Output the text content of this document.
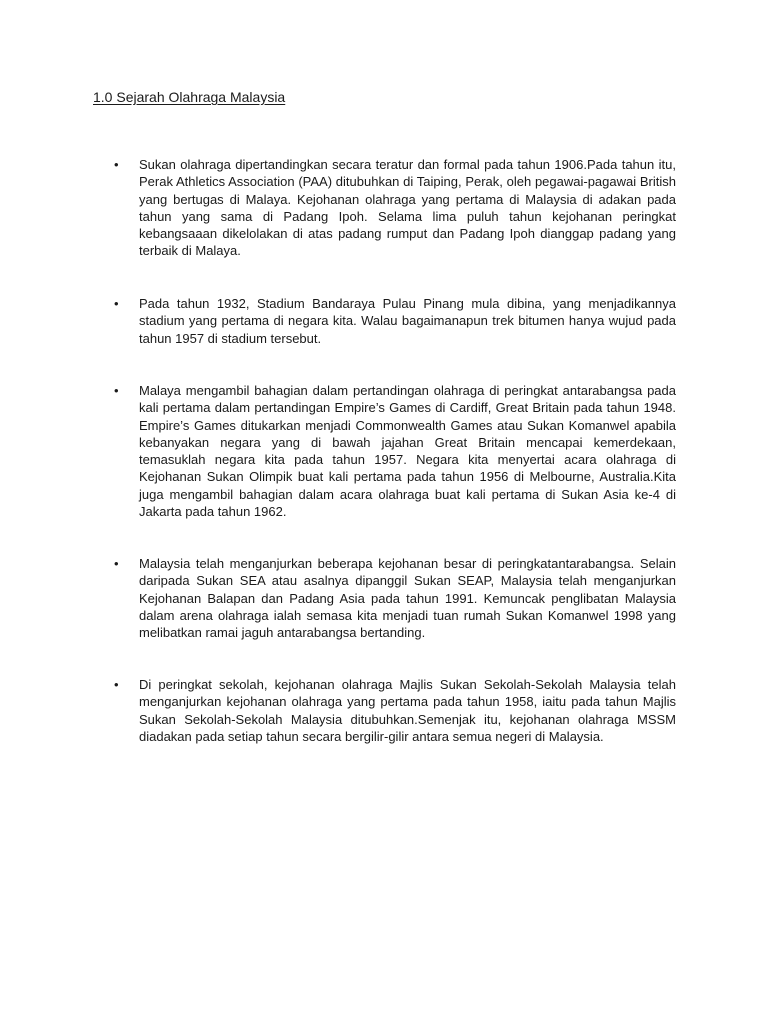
1.0 Sejarah Olahraga Malaysia
• Sukan olahraga dipertandingkan secara teratur dan formal pada tahun 1906.Pada tahun itu, Perak Athletics Association (PAA) ditubuhkan di Taiping, Perak, oleh pegawai-pagawai British yang bertugas di Malaya. Kejohanan olahraga yang pertama di Malaysia di adakan pada tahun yang sama di Padang Ipoh. Selama lima puluh tahun kejohanan peringkat kebangsaaan dikelolakan di atas padang rumput dan Padang Ipoh dianggap padang yang terbaik di Malaya.

• Pada tahun 1932, Stadium Bandaraya Pulau Pinang mula dibina, yang menjadikannya stadium yang pertama di negara kita. Walau bagaimanapun trek bitumen hanya wujud pada tahun 1957 di stadium tersebut.

• Malaya mengambil bahagian dalam pertandingan olahraga di peringkat antarabangsa pada kali pertama dalam pertandingan Empire’s Games di Cardiff, Great Britain pada tahun 1948. Empire’s Games ditukarkan menjadi Commonwealth Games atau Sukan Komanwel apabila kebanyakan negara yang di bawah jajahan Great Britain mencapai kemerdekaan, temasuklah negara kita pada tahun 1957. Negara kita menyertai acara olahraga di Kejohanan Sukan Olimpik buat kali pertama pada tahun 1956 di Melbourne, Australia.Kita juga mengambil bahagian dalam acara olahraga buat kali pertama di Sukan Asia ke-4 di Jakarta pada tahun 1962.

• Malaysia telah menganjurkan beberapa kejohanan besar di peringkatantarabangsa. Selain daripada Sukan SEA atau asalnya dipanggil Sukan SEAP, Malaysia telah menganjurkan Kejohanan Balapan dan Padang Asia pada tahun 1991. Kemuncak penglibatan Malaysia dalam arena olahraga ialah semasa kita menjadi tuan rumah Sukan Komanwel 1998 yang melibatkan ramai jaguh antarabangsa bertanding.

• Di peringkat sekolah, kejohanan olahraga Majlis Sukan Sekolah-Sekolah Malaysia telah menganjurkan kejohanan olahraga yang pertama pada tahun 1958, iaitu pada tahun Majlis Sukan Sekolah-Sekolah Malaysia ditubuhkan.Semenjak itu, kejohanan olahraga MSSM diadakan pada setiap tahun secara bergilir-gilir antara semua negeri di Malaysia.
